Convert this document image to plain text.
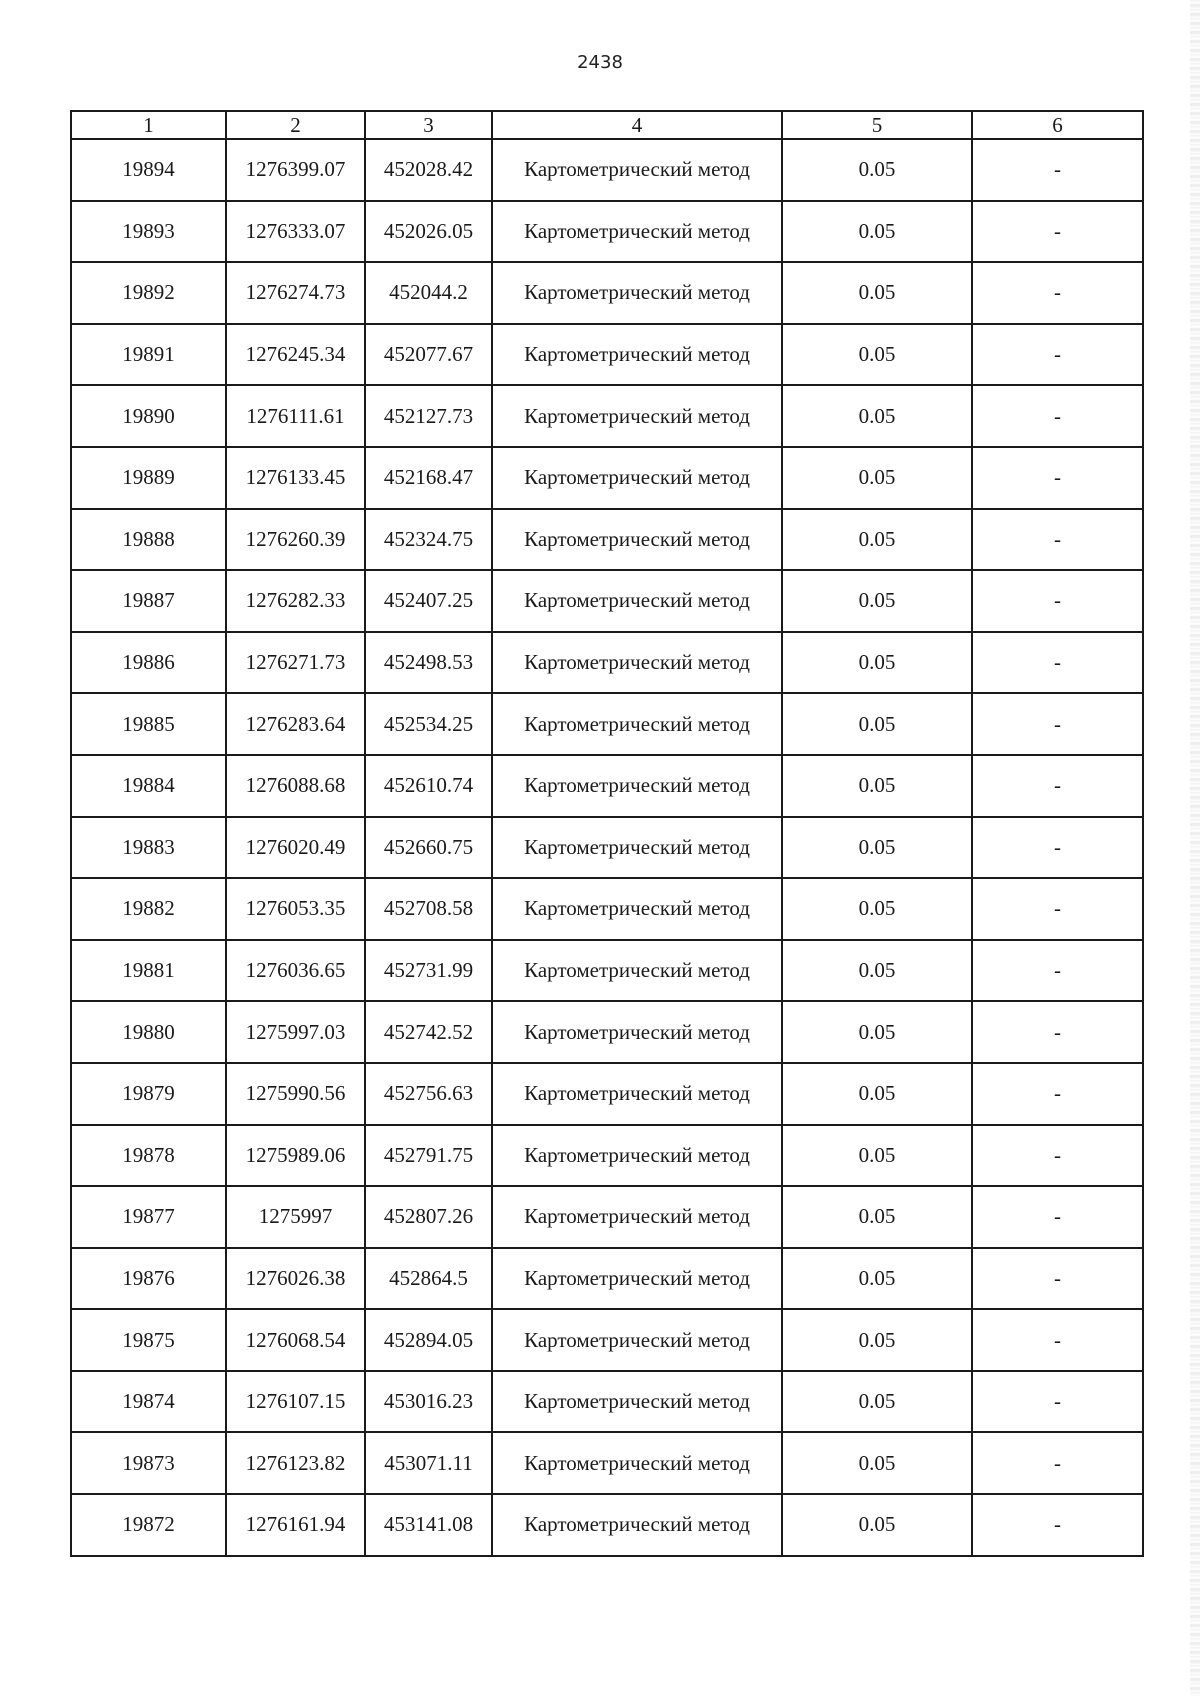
2438
1	2	3	4	5	6
19894	1276399.07	452028.42	Картометрический метод	0.05	-
19893	1276333.07	452026.05	Картометрический метод	0.05	-
19892	1276274.73	452044.2	Картометрический метод	0.05	-
19891	1276245.34	452077.67	Картометрический метод	0.05	-
19890	1276111.61	452127.73	Картометрический метод	0.05	-
19889	1276133.45	452168.47	Картометрический метод	0.05	-
19888	1276260.39	452324.75	Картометрический метод	0.05	-
19887	1276282.33	452407.25	Картометрический метод	0.05	-
19886	1276271.73	452498.53	Картометрический метод	0.05	-
19885	1276283.64	452534.25	Картометрический метод	0.05	-
19884	1276088.68	452610.74	Картометрический метод	0.05	-
19883	1276020.49	452660.75	Картометрический метод	0.05	-
19882	1276053.35	452708.58	Картометрический метод	0.05	-
19881	1276036.65	452731.99	Картометрический метод	0.05	-
19880	1275997.03	452742.52	Картометрический метод	0.05	-
19879	1275990.56	452756.63	Картометрический метод	0.05	-
19878	1275989.06	452791.75	Картометрический метод	0.05	-
19877	1275997	452807.26	Картометрический метод	0.05	-
19876	1276026.38	452864.5	Картометрический метод	0.05	-
19875	1276068.54	452894.05	Картометрический метод	0.05	-
19874	1276107.15	453016.23	Картометрический метод	0.05	-
19873	1276123.82	453071.11	Картометрический метод	0.05	-
19872	1276161.94	453141.08	Картометрический метод	0.05	-
